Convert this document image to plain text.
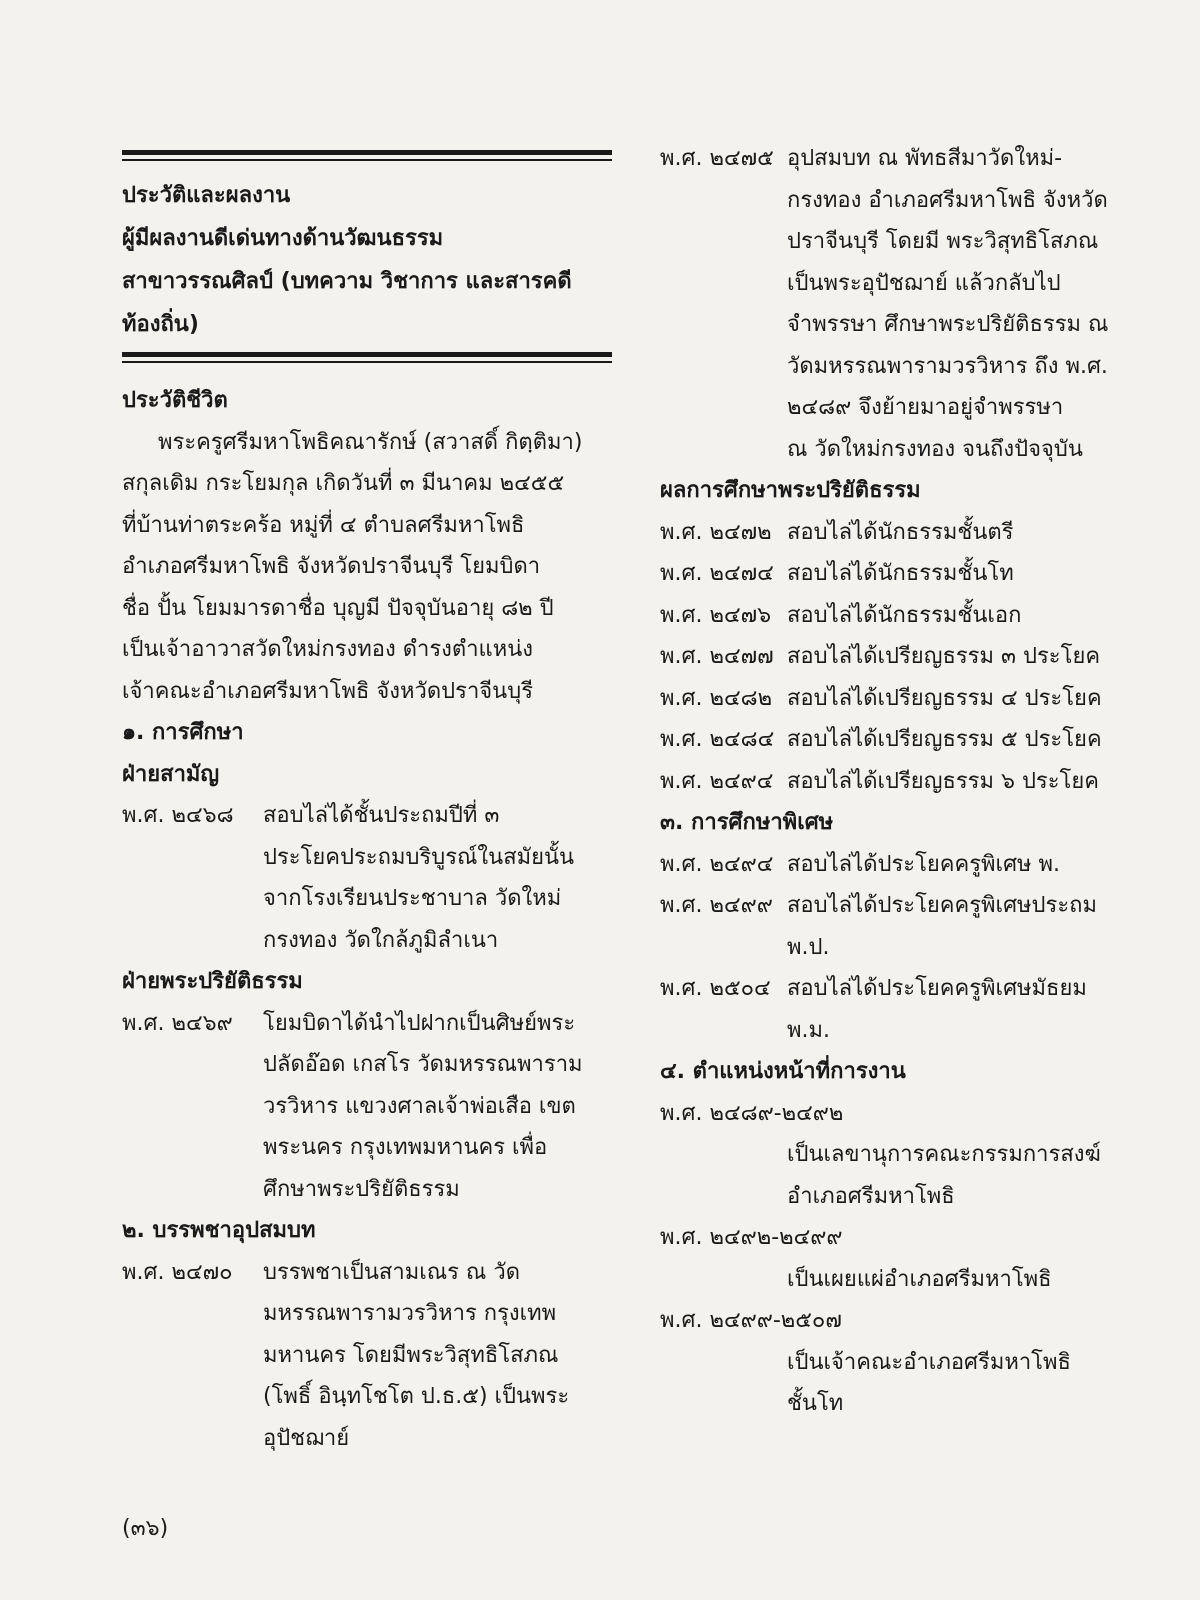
ประวัติและผลงาน
ผู้มีผลงานดีเด่นทางด้านวัฒนธรรม
สาขาวรรณศิลป์ (บทความ วิชาการ และสารคดี
ท้องถิ่น)
ประวัติชีวิต
พระครูศรีมหาโพธิคณารักษ์ (สวาสดิ์ กิตฺติมา)
สกุลเดิม กระโยมกุล เกิดวันที่ ๓ มีนาคม ๒๔๕๕
ที่บ้านท่าตระคร้อ หมู่ที่ ๔ ตำบลศรีมหาโพธิ
อำเภอศรีมหาโพธิ จังหวัดปราจีนบุรี โยมบิดา
ชื่อ ปั้น โยมมารดาชื่อ บุญมี ปัจจุบันอายุ ๘๒ ปี
เป็นเจ้าอาวาสวัดใหม่กรงทอง ดำรงตำแหน่ง
เจ้าคณะอำเภอศรีมหาโพธิ จังหวัดปราจีนบุรี
๑. การศึกษา
ฝ่ายสามัญ
พ.ศ. ๒๔๖๘	สอบไล่ได้ชั้นประถมปีที่ ๓
ประโยคประถมบริบูรณ์ในสมัยนั้น
จากโรงเรียนประชาบาล วัดใหม่
กรงทอง วัดใกล้ภูมิลำเนา
ฝ่ายพระปริยัติธรรม
พ.ศ. ๒๔๖๙	โยมบิดาได้นำไปฝากเป็นศิษย์พระ
ปลัดอ๊อด เกสโร วัดมหรรณพาราม
วรวิหาร แขวงศาลเจ้าพ่อเสือ เขต
พระนคร กรุงเทพมหานคร เพื่อ
ศึกษาพระปริยัติธรรม
๒. บรรพชาอุปสมบท
พ.ศ. ๒๔๗๐	บรรพชาเป็นสามเณร ณ วัด
มหรรณพารามวรวิหาร กรุงเทพ
มหานคร โดยมีพระวิสุทธิโสภณ
(โพธิ์ อินฺทโชโต ป.ธ.๕) เป็นพระ
อุปัชฌาย์
พ.ศ. ๒๔๗๕ อุปสมบท ณ พัทธสีมาวัดใหม่-
กรงทอง อำเภอศรีมหาโพธิ จังหวัด
ปราจีนบุรี โดยมี พระวิสุทธิโสภณ
เป็นพระอุปัชฌาย์ แล้วกลับไป
จำพรรษา ศึกษาพระปริยัติธรรม ณ
วัดมหรรณพารามวรวิหาร ถึง พ.ศ.
๒๔๘๙ จึงย้ายมาอยู่จำพรรษา
ณ วัดใหม่กรงทอง จนถึงปัจจุบัน
ผลการศึกษาพระปริยัติธรรม
พ.ศ. ๒๔๗๒ สอบไล่ได้นักธรรมชั้นตรี
พ.ศ. ๒๔๗๔ สอบไล่ได้นักธรรมชั้นโท
พ.ศ. ๒๔๗๖ สอบไล่ได้นักธรรมชั้นเอก
พ.ศ. ๒๔๗๗ สอบไล่ได้เปรียญธรรม ๓ ประโยค
พ.ศ. ๒๔๘๒ สอบไล่ได้เปรียญธรรม ๔ ประโยค
พ.ศ. ๒๔๘๔ สอบไล่ได้เปรียญธรรม ๕ ประโยค
พ.ศ. ๒๔๙๔ สอบไล่ได้เปรียญธรรม ๖ ประโยค
๓. การศึกษาพิเศษ
พ.ศ. ๒๔๙๔ สอบไล่ได้ประโยคครูพิเศษ พ.
พ.ศ. ๒๔๙๙ สอบไล่ได้ประโยคครูพิเศษประถม
พ.ป.
พ.ศ. ๒๕๐๔ สอบไล่ได้ประโยคครูพิเศษมัธยม
พ.ม.
๔. ตำแหน่งหน้าที่การงาน
พ.ศ. ๒๔๘๙-๒๔๙๒
เป็นเลขานุการคณะกรรมการสงฆ์
อำเภอศรีมหาโพธิ
พ.ศ. ๒๔๙๒-๒๔๙๙
เป็นเผยแผ่อำเภอศรีมหาโพธิ
พ.ศ. ๒๔๙๙-๒๕๐๗
เป็นเจ้าคณะอำเภอศรีมหาโพธิ
ชั้นโท
(๓๖)
